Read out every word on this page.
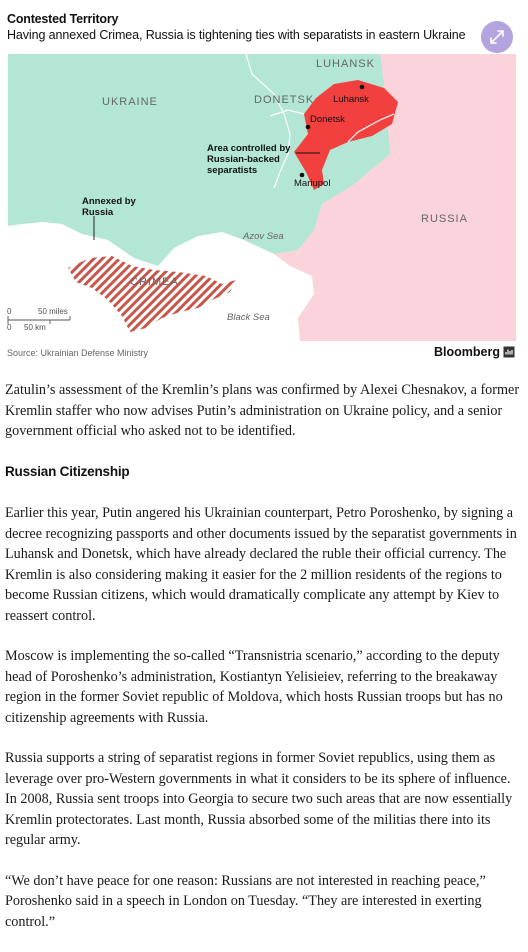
Contested Territory
Having annexed Crimea, Russia is tightening ties with separatists in eastern Ukraine
LUHANSK
UKRAINE	DONETSK
RUSSIA
CRIMEA
Luhansk
Donetsk
Mariupol
Area controlled by Russian-backed separatists
Annexed by Russia
Azov Sea
Black Sea
0	50 miles
0 50 km
Source: Ukrainian Defense Ministry	Bloomberg

Zatulin’s assessment of the Kremlin’s plans was confirmed by Alexei Chesnakov, a former Kremlin staffer who now advises Putin’s administration on Ukraine policy, and a senior government official who asked not to be identified.

Russian Citizenship

Earlier this year, Putin angered his Ukrainian counterpart, Petro Poroshenko, by signing a decree recognizing passports and other documents issued by the separatist governments in Luhansk and Donetsk, which have already declared the ruble their official currency. The Kremlin is also considering making it easier for the 2 million residents of the regions to become Russian citizens, which would dramatically complicate any attempt by Kiev to reassert control.

Moscow is implementing the so-called “Transnistria scenario,” according to the deputy head of Poroshenko’s administration, Kostiantyn Yelisieiev, referring to the breakaway region in the former Soviet republic of Moldova, which hosts Russian troops but has no citizenship agreements with Russia.

Russia supports a string of separatist regions in former Soviet republics, using them as leverage over pro-Western governments in what it considers to be its sphere of influence. In 2008, Russia sent troops into Georgia to secure two such areas that are now essentially Kremlin protectorates. Last month, Russia absorbed some of the militias there into its regular army.

“We don’t have peace for one reason: Russians are not interested in reaching peace,” Poroshenko said in a speech in London on Tuesday. “They are interested in exerting control.”
